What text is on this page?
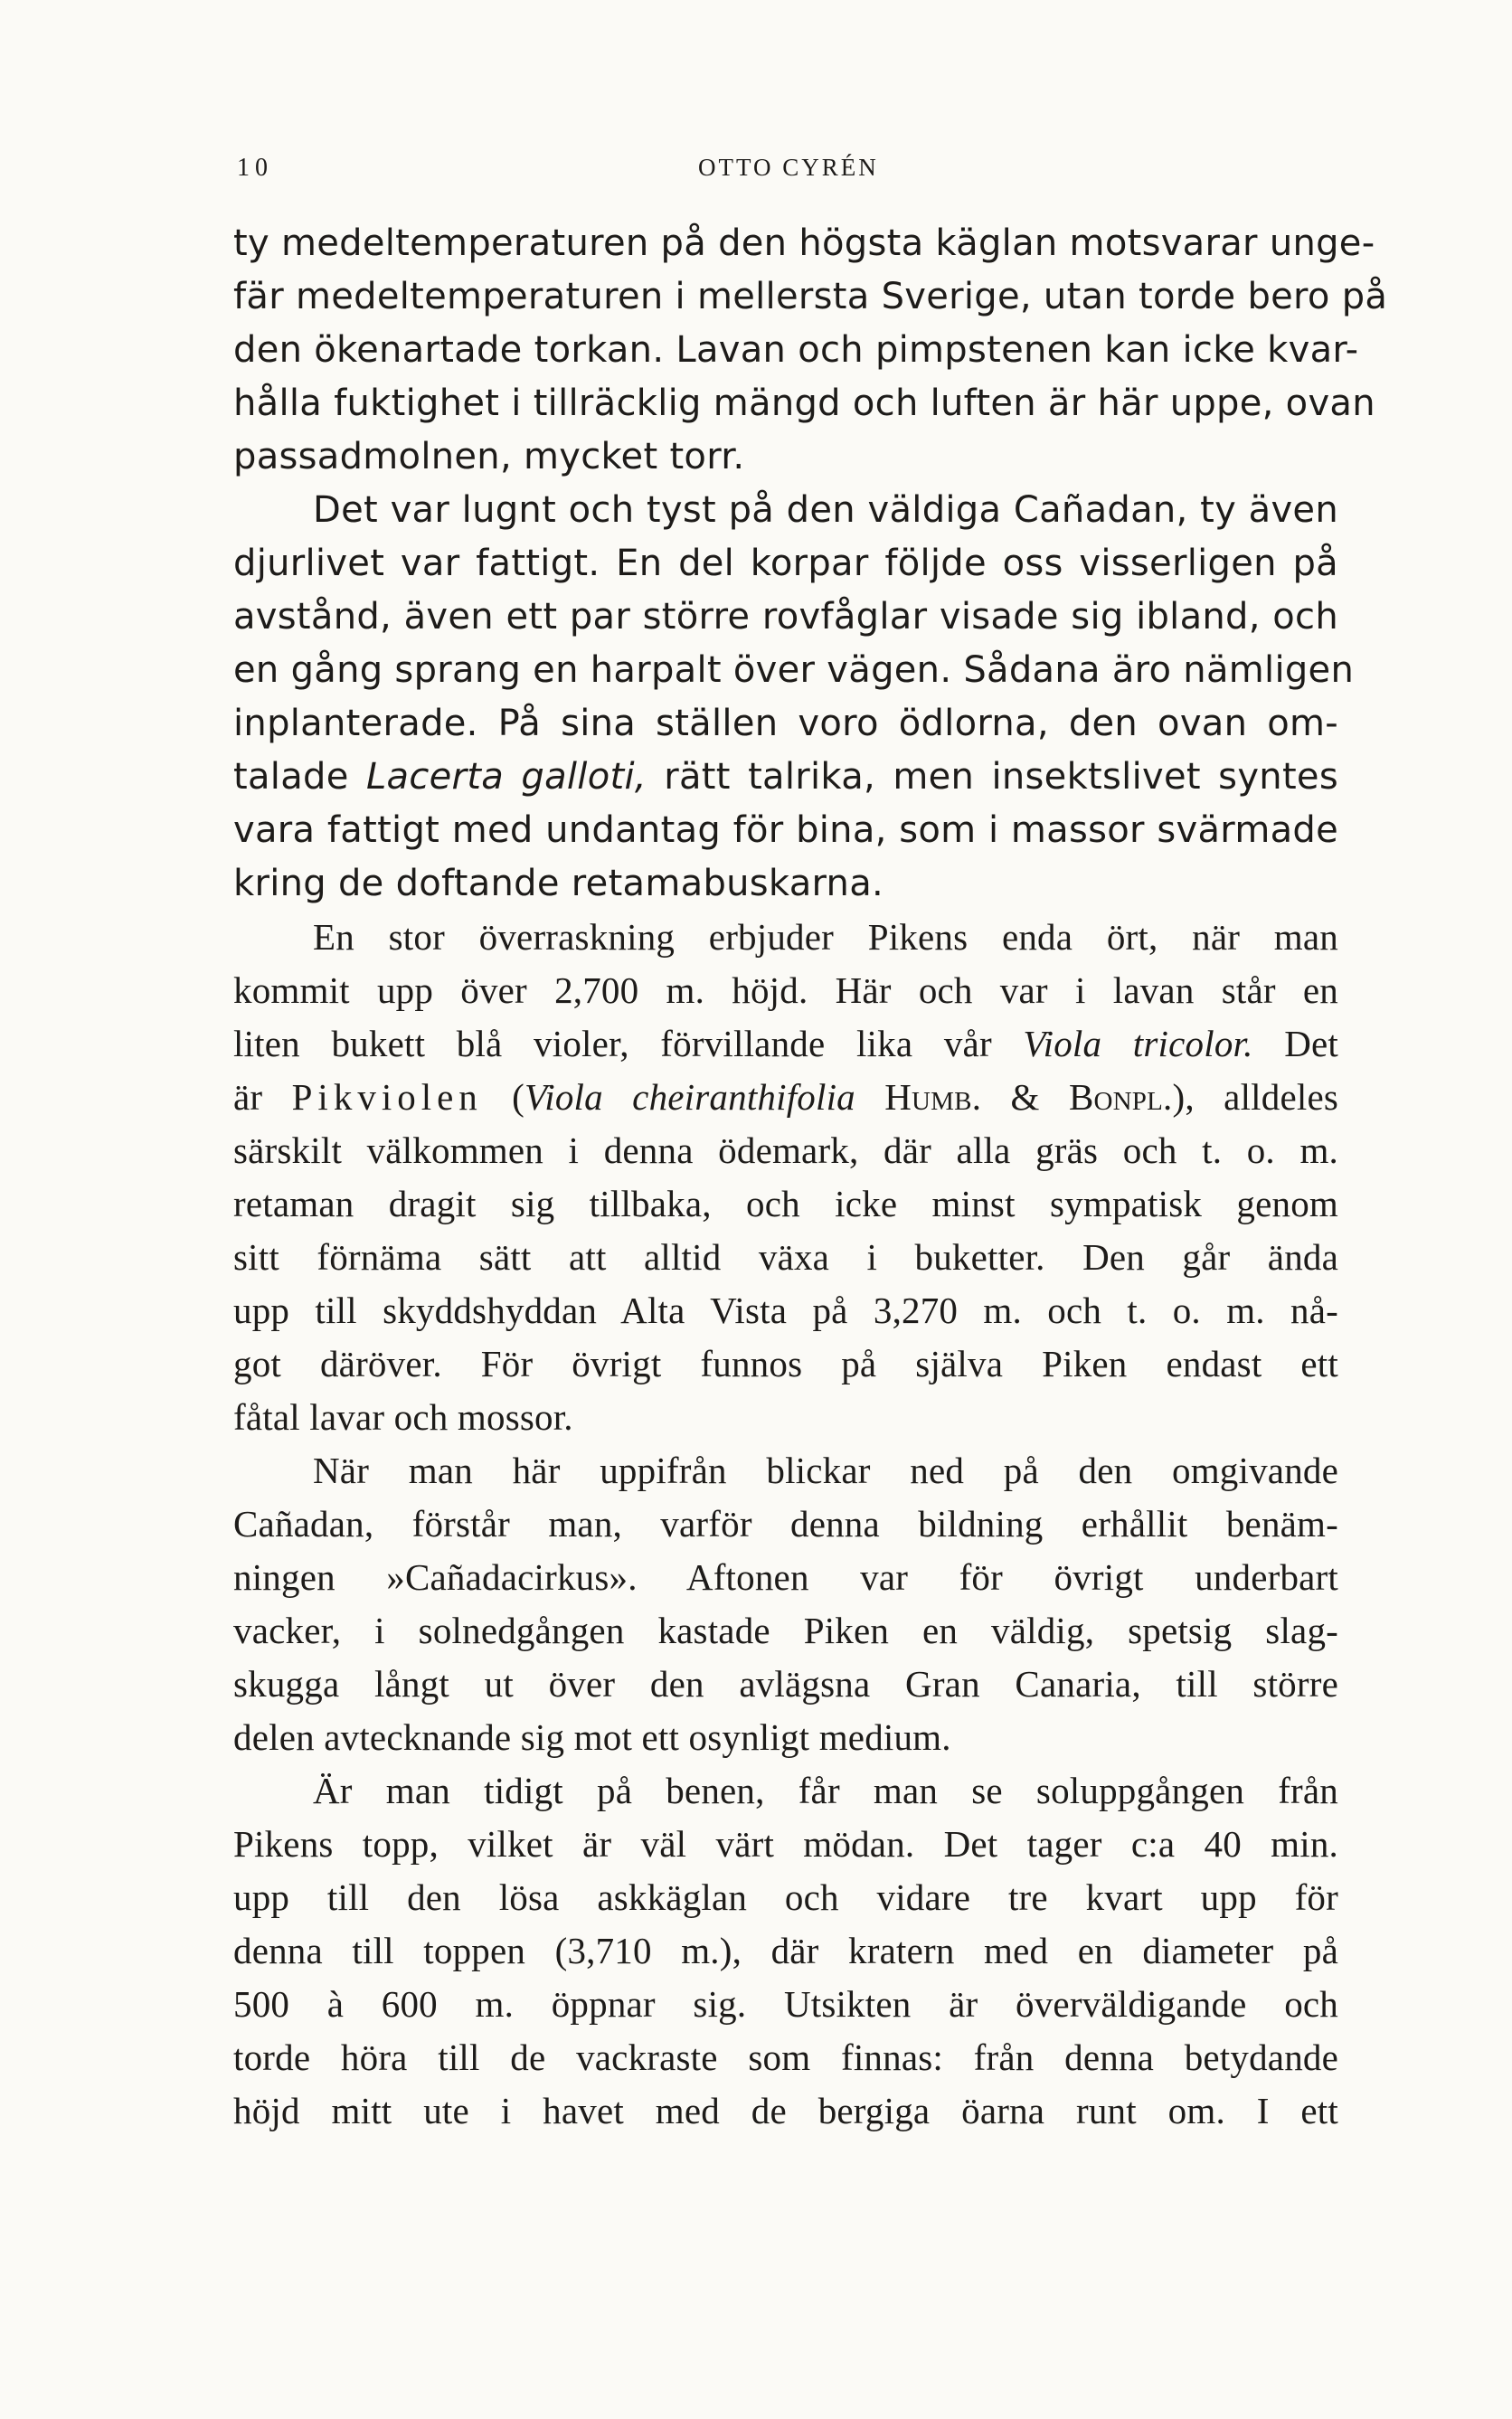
10	OTTO CYRÉN
ty medeltemperaturen på den högsta käglan motsvarar unge-
fär medeltemperaturen i mellersta Sverige, utan torde bero på
den ökenartade torkan. Lavan och pimpstenen kan icke kvar-
hålla fuktighet i tillräcklig mängd och luften är här uppe, ovan
passadmolnen, mycket torr.
Det var lugnt och tyst på den väldiga Cañadan, ty även
djurlivet var fattigt. En del korpar följde oss visserligen på
avstånd, även ett par större rovfåglar visade sig ibland, och
en gång sprang en harpalt över vägen. Sådana äro nämligen
inplanterade. På sina ställen voro ödlorna, den ovan om-
talade Lacerta galloti, rätt talrika, men insektslivet syntes
vara fattigt med undantag för bina, som i massor svärmade
kring de doftande retamabuskarna.
En stor överraskning erbjuder Pikens enda ört, när man
kommit upp över 2,700 m. höjd. Här och var i lavan står en
liten bukett blå violer, förvillande lika vår Viola tricolor. Det
är Pikviolen (Viola cheiranthifolia Humb. & Bonpl.), alldeles
särskilt välkommen i denna ödemark, där alla gräs och t. o. m.
retaman dragit sig tillbaka, och icke minst sympatisk genom
sitt förnäma sätt att alltid växa i buketter. Den går ända
upp till skyddshyddan Alta Vista på 3,270 m. och t. o. m. nå-
got däröver. För övrigt funnos på själva Piken endast ett
fåtal lavar och mossor.
När man här uppifrån blickar ned på den omgivande
Cañadan, förstår man, varför denna bildning erhållit benäm-
ningen »Cañadacirkus». Aftonen var för övrigt underbart
vacker, i solnedgången kastade Piken en väldig, spetsig slag-
skugga långt ut över den avlägsna Gran Canaria, till större
delen avtecknande sig mot ett osynligt medium.
Är man tidigt på benen, får man se soluppgången från
Pikens topp, vilket är väl värt mödan. Det tager c:a 40 min.
upp till den lösa askkäglan och vidare tre kvart upp för
denna till toppen (3,710 m.), där kratern med en diameter på
500 à 600 m. öppnar sig. Utsikten är överväldigande och
torde höra till de vackraste som finnas: från denna betydande
höjd mitt ute i havet med de bergiga öarna runt om. I ett
